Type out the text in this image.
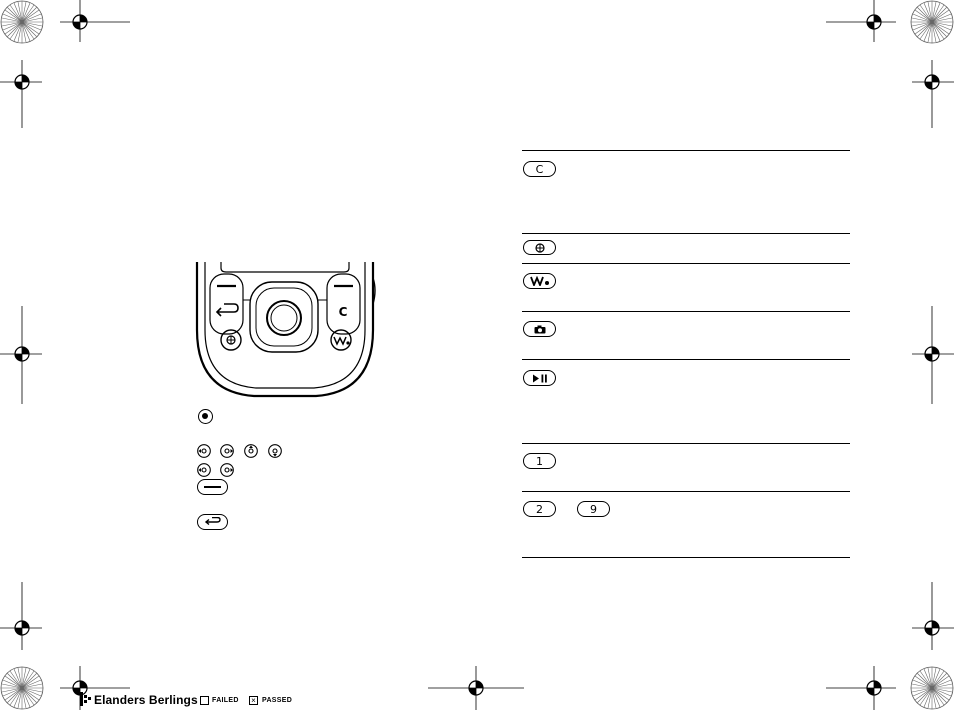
Elanders Berlings FAILED × PASSED
C
C
1
2	9
